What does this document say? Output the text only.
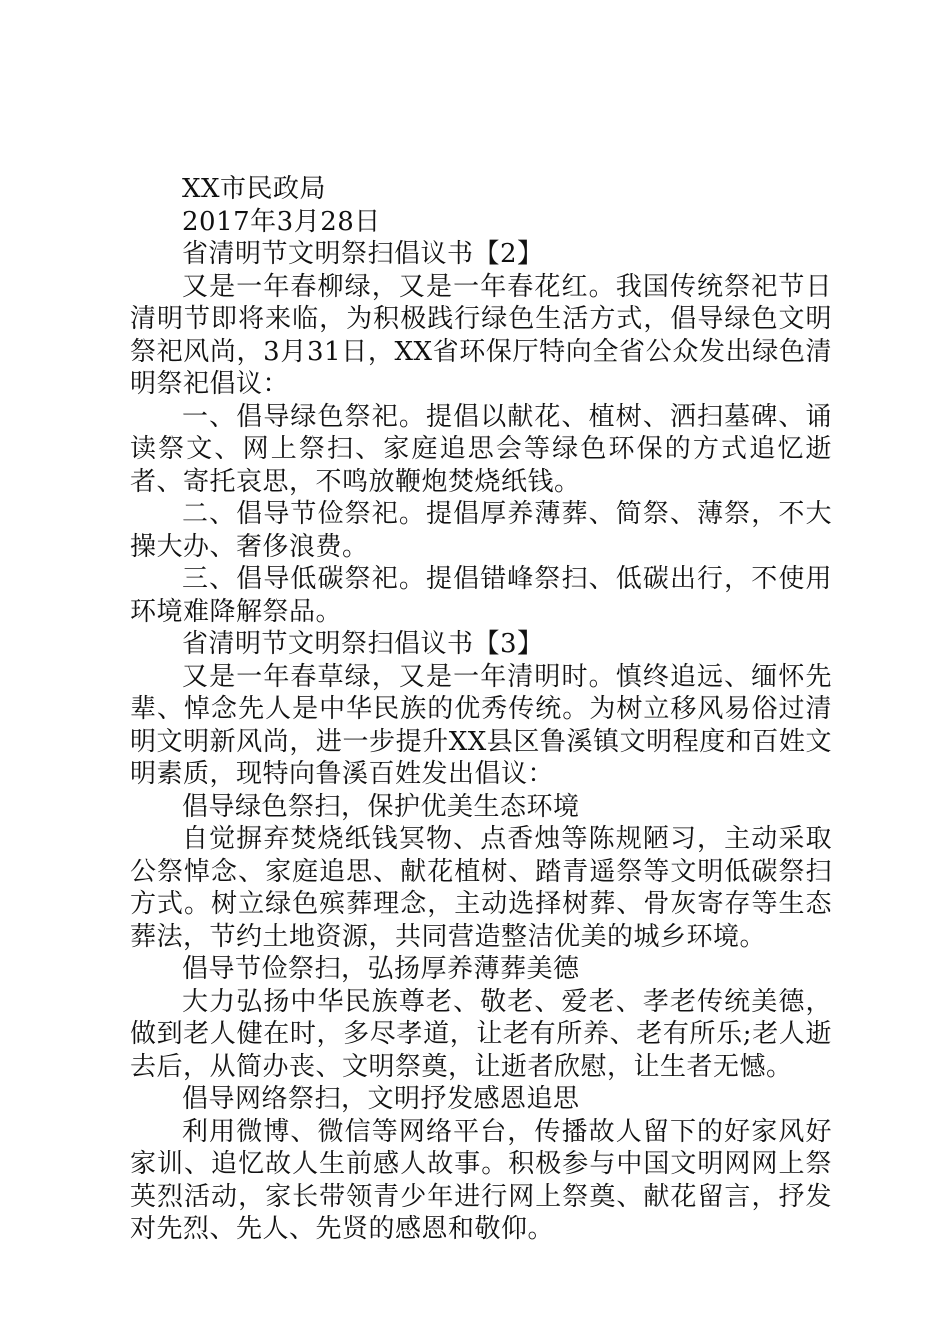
XX市民政局

2017年3月28日

省清明节文明祭扫倡议书【2】

又是一年春柳绿，又是一年春花红。我国传统祭祀节日清明节即将来临，为积极践行绿色生活方式，倡导绿色文明祭祀风尚，3月31日，XX省环保厅特向全省公众发出绿色清明祭祀倡议：

一、倡导绿色祭祀。提倡以献花、植树、洒扫墓碑、诵读祭文、网上祭扫、家庭追思会等绿色环保的方式追忆逝者、寄托哀思，不鸣放鞭炮焚烧纸钱。

二、倡导节俭祭祀。提倡厚养薄葬、简祭、薄祭，不大操大办、奢侈浪费。

三、倡导低碳祭祀。提倡错峰祭扫、低碳出行，不使用环境难降解祭品。

省清明节文明祭扫倡议书【3】

又是一年春草绿，又是一年清明时。慎终追远、缅怀先辈、悼念先人是中华民族的优秀传统。为树立移风易俗过清明文明新风尚，进一步提升XX县区鲁溪镇文明程度和百姓文明素质，现特向鲁溪百姓发出倡议：

倡导绿色祭扫，保护优美生态环境

自觉摒弃焚烧纸钱冥物、点香烛等陈规陋习，主动采取公祭悼念、家庭追思、献花植树、踏青遥祭等文明低碳祭扫方式。树立绿色殡葬理念，主动选择树葬、骨灰寄存等生态葬法，节约土地资源，共同营造整洁优美的城乡环境。

倡导节俭祭扫，弘扬厚养薄葬美德

大力弘扬中华民族尊老、敬老、爱老、孝老传统美德，做到老人健在时，多尽孝道，让老有所养、老有所乐;老人逝去后，从简办丧、文明祭奠，让逝者欣慰，让生者无憾。

倡导网络祭扫，文明抒发感恩追思

利用微博、微信等网络平台，传播故人留下的好家风好家训、追忆故人生前感人故事。积极参与中国文明网网上祭英烈活动，家长带领青少年进行网上祭奠、献花留言，抒发对先烈、先人、先贤的感恩和敬仰。
